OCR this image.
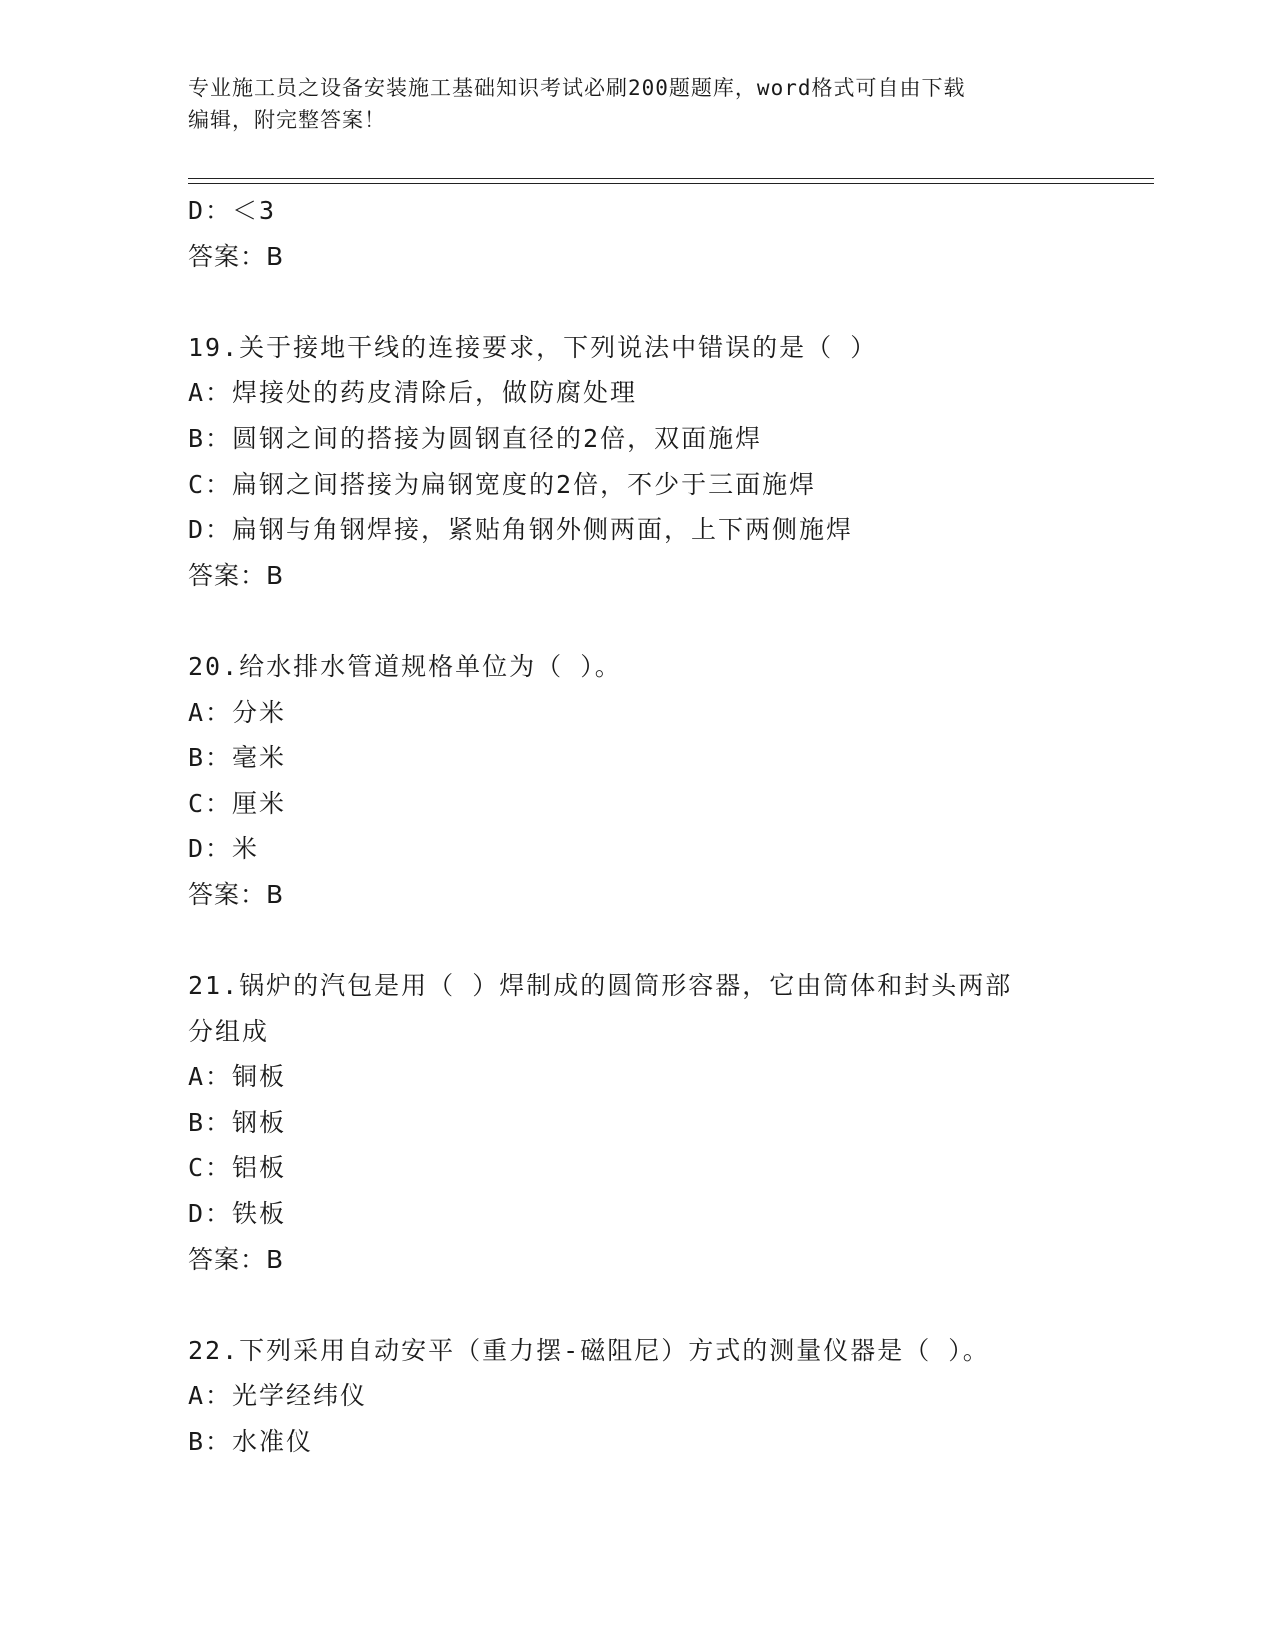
专业施工员之设备安装施工基础知识考试必刷200题题库，word格式可自由下载
编辑，附完整答案！
D：＜3
答案：B
19.关于接地干线的连接要求，下列说法中错误的是（ ）
A：焊接处的药皮清除后，做防腐处理
B：圆钢之间的搭接为圆钢直径的2倍，双面施焊
C：扁钢之间搭接为扁钢宽度的2倍，不少于三面施焊
D：扁钢与角钢焊接，紧贴角钢外侧两面，上下两侧施焊
答案：B
20.给水排水管道规格单位为（ ）。
A：分米
B：毫米
C：厘米
D：米
答案：B
21.锅炉的汽包是用（ ）焊制成的圆筒形容器，它由筒体和封头两部
分组成
A：铜板
B：钢板
C：铝板
D：铁板
答案：B
22.下列采用自动安平（重力摆-磁阻尼）方式的测量仪器是（ ）。
A：光学经纬仪
B：水准仪
